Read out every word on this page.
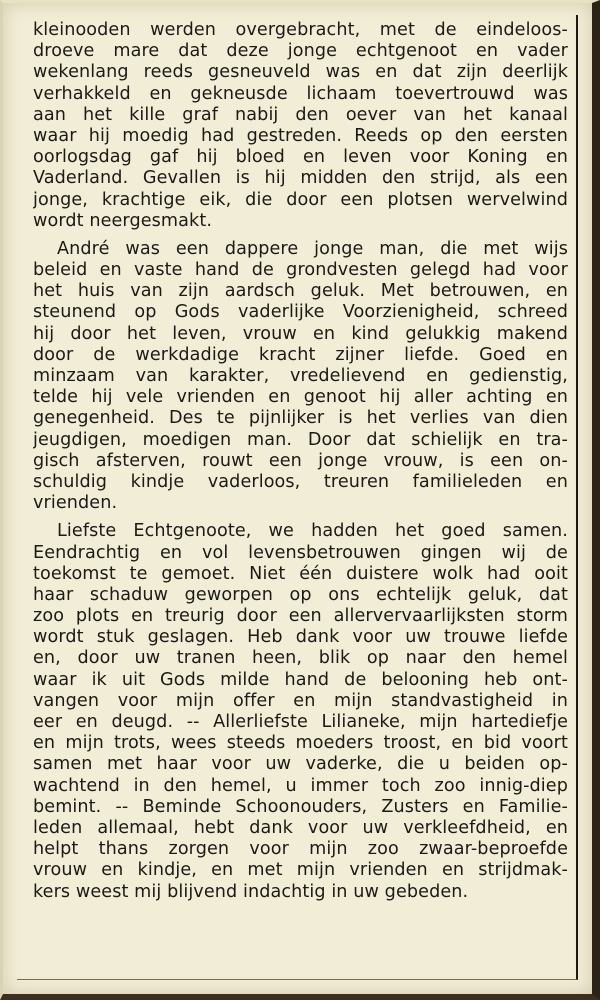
kleinooden werden overgebracht, met de eindeloos-
droeve mare dat deze jonge echtgenoot en vader
wekenlang reeds gesneuveld was en dat zijn deerlijk
verhakkeld en gekneusde lichaam toevertrouwd was
aan het kille graf nabij den oever van het kanaal
waar hij moedig had gestreden. Reeds op den eersten
oorlogsdag gaf hij bloed en leven voor Koning en
Vaderland. Gevallen is hij midden den strijd, als een
jonge, krachtige eik, die door een plotsen wervelwind
wordt neergesmakt.
André was een dappere jonge man, die met wijs
beleid en vaste hand de grondvesten gelegd had voor
het huis van zijn aardsch geluk. Met betrouwen, en
steunend op Gods vaderlijke Voorzienigheid, schreed
hij door het leven, vrouw en kind gelukkig makend
door de werkdadige kracht zijner liefde. Goed en
minzaam van karakter, vredelievend en gedienstig,
telde hij vele vrienden en genoot hij aller achting en
genegenheid. Des te pijnlijker is het verlies van dien
jeugdigen, moedigen man. Door dat schielijk en tra-
gisch afsterven, rouwt een jonge vrouw, is een on-
schuldig kindje vaderloos, treuren familieleden en
vrienden.
Liefste Echtgenoote, we hadden het goed samen.
Eendrachtig en vol levensbetrouwen gingen wij de
toekomst te gemoet. Niet één duistere wolk had ooit
haar schaduw geworpen op ons echtelijk geluk, dat
zoo plots en treurig door een allervervaarlijksten storm
wordt stuk geslagen. Heb dank voor uw trouwe liefde
en, door uw tranen heen, blik op naar den hemel
waar ik uit Gods milde hand de belooning heb ont-
vangen voor mijn offer en mijn standvastigheid in
eer en deugd. -- Allerliefste Lilianeke, mijn hartediefje
en mijn trots, wees steeds moeders troost, en bid voort
samen met haar voor uw vaderke, die u beiden op-
wachtend in den hemel, u immer toch zoo innig-diep
bemint. -- Beminde Schoonouders, Zusters en Familie-
leden allemaal, hebt dank voor uw verkleefdheid, en
helpt thans zorgen voor mijn zoo zwaar-beproefde
vrouw en kindje, en met mijn vrienden en strijdmak-
kers weest mij blijvend indachtig in uw gebeden.
